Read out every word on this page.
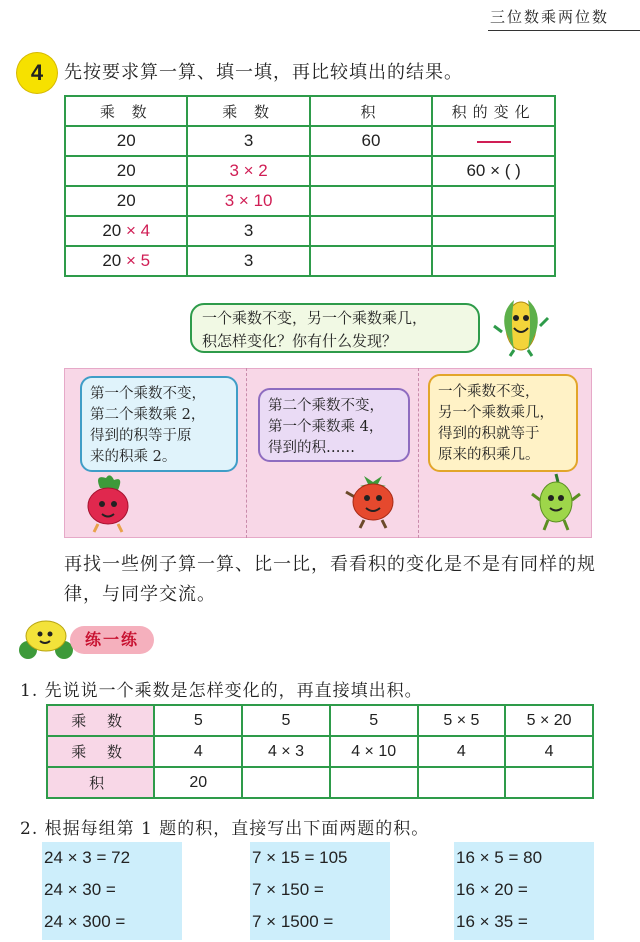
三位数乘两位数
4	先按要求算一算、填一填，再比较填出的结果。
乘 数	乘 数	积	积的变化
20	3	60	
20	3 × 2		60 × ( )
20	3 × 10		
20 × 4	3		
20 × 5	3		
一个乘数不变，另一个乘数乘几，
积怎样变化？你有什么发现？
第一个乘数不变，
第二个乘数乘 2，
得到的积等于原
来的积乘 2。
第二个乘数不变，
第一个乘数乘 4，
得到的积……
一个乘数不变，
另一个乘数乘几，
得到的积就等于
原来的积乘几。
再找一些例子算一算、比一比，看看积的变化是不是有同样的规律，与同学交流。
练一练
1. 先说说一个乘数是怎样变化的，再直接填出积。
乘 数	5	5	5	5 × 5	5 × 20
乘 数	4	4 × 3	4 × 10	4	4
积	20				
2. 根据每组第 1 题的积，直接写出下面两题的积。
24 × 3 = 72
24 × 30 =
24 × 300 =
7 × 15 = 105
7 × 150 =
7 × 1500 =
16 × 5 = 80
16 × 20 =
16 × 35 =
